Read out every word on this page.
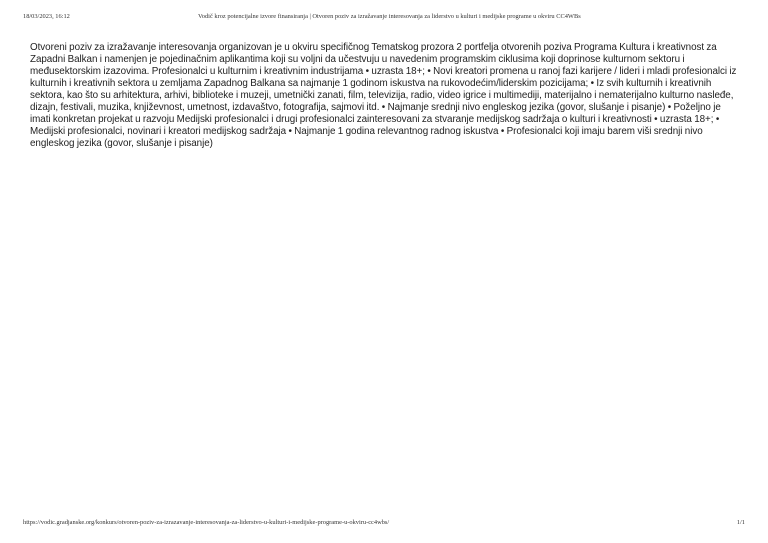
18/03/2023, 16:12	Vodič kroz potencijalne izvore finansiranja | Otvoren poziv za izražavanje interesovanja za liderstvo u kulturi i medijske programe u okviru CC4WBs

Otvoreni poziv za izražavanje interesovanja organizovan je u okviru specifičnog Tematskog prozora 2 portfelja otvorenih poziva Programa Kultura i kreativnost za Zapadni Balkan i namenjen je pojedinačnim aplikantima koji su voljni da učestvuju u navedenim programskim ciklusima koji doprinose kulturnom sektoru i međusektorskim izazovima. Profesionalci u kulturnim i kreativnim industrijama • uzrasta 18+; • Novi kreatori promena u ranoj fazi karijere / lideri i mladi profesionalci iz kulturnih i kreativnih sektora u zemljama Zapadnog Balkana sa najmanje 1 godinom iskustva na rukovodećim/liderskim pozicijama; • Iz svih kulturnih i kreativnih sektora, kao što su arhitektura, arhivi, biblioteke i muzeji, umetnički zanati, film, televizija, radio, video igrice i multimediji, materijalno i nematerijalno kulturno nasleđe, dizajn, festivali, muzika, književnost, umetnost, izdavaštvo, fotografija, sajmovi itd. • Najmanje srednji nivo engleskog jezika (govor, slušanje i pisanje) • Poželjno je imati konkretan projekat u razvoju Medijski profesionalci i drugi profesionalci zainteresovani za stvaranje medijskog sadržaja o kulturi i kreativnosti • uzrasta 18+; • Medijski profesionalci, novinari i kreatori medijskog sadržaja • Najmanje 1 godina relevantnog radnog iskustva • Profesionalci koji imaju barem viši srednji nivo engleskog jezika (govor, slušanje i pisanje)

https://vodic.gradjanske.org/konkurs/otvoren-poziv-za-izrazavanje-interesovanja-za-liderstvo-u-kulturi-i-medijske-programe-u-okviru-cc4wbs/	1/1
